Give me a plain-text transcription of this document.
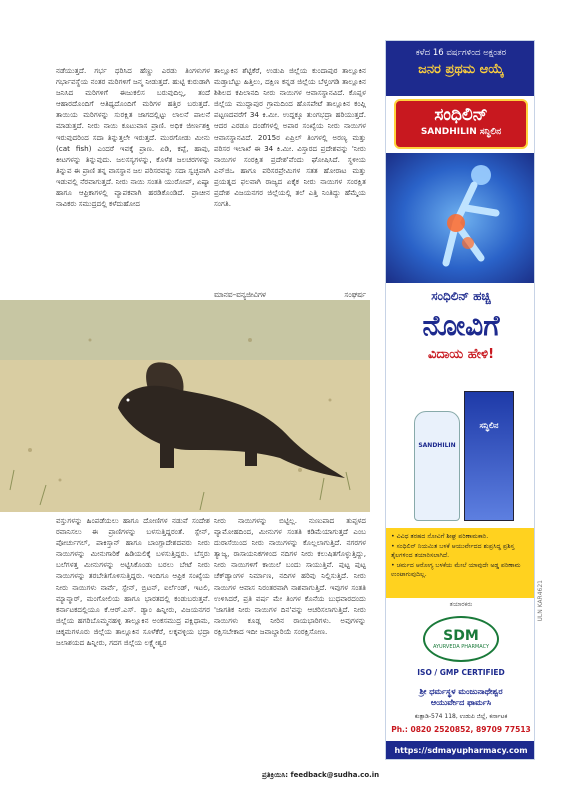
ನಡೆಯುತ್ತದೆ. ಗರ್ಭ ಧರಿಸಿದ ಹೆಣ್ಣು ಎರಡು ತಿಂಗಳುಗಳ ಗರ್ಭಾವಸ್ಥೆಯ ನಂತರ ಮರಿಗಳಿಗೆ ಜನ್ಮ ನೀಡುತ್ತದೆ. ಹುಟ್ಟಿ ಕುರುಡಾಗಿ ಜನಿಸಿದ ಮರಿಗಳಿಗೆ ಈಜುಕಲಿಸ ಬರುವುದಿಲ್ಲ, ತಂದೆ ಆಹಾರದೊಂದಿಗೆ ಆತಿಥ್ಯದೊಂದಿಗೆ ಮರಿಗಳ ಹತ್ತಿರ ಬರುತ್ತದೆ. ತಾಯಿಯ ಮರಿಗಳನ್ನು ಸುರಕ್ಷಿತ ಜಾಗದಲ್ಲಿಟ್ಟು ಲಾಲನೆ ಪಾಲನೆ ಮಾಡುತ್ತದೆ. ನೀರು ನಾಯಿ ಕೂಟುವಾಸ ಪ್ರಾಣಿ. ಅಧಿಕ ಜೀರ್ಣಶಕ್ತಿ ಇರುವುದರಿಂದ ಸದಾ ತಿನ್ನುತ್ತಲೇ ಇರುತ್ತದೆ. ಮುರಗೋಡು ಮೀನು (cat fish) ಎಂದರೆ ಇವಕ್ಕೆ ಪ್ರಾಣ. ಏಡಿ, ಕಪ್ಪೆ, ಹಾವು, ಕೀಟಗಳನ್ನು ತಿನ್ನುವುದು. ಜಲಸಸ್ಯಗಳನ್ನು, ಕೊಳೆತ ಜಲಚರಗಳನ್ನು ತಿನ್ನುವ ಈ ಪ್ರಾಣಿ ತನ್ನ ವಾಸಸ್ಥಾನ ಜಲ ಪರಿಸರವನ್ನು ಸದಾ ಸ್ವಚ್ಛವಾಗಿ ಇಡುವಲ್ಲಿ ನೆರವಾಗುತ್ತದೆ. ನೀರು ನಾಯಿ ಸಂತತಿ ಯುರೋಪ್, ಏಷ್ಯಾ ಹಾಗೂ ಆಫ್ರಿಕಾಗಳಲ್ಲಿ ವ್ಯಾಪಕವಾಗಿ ಹರಡಿಕೊಂಡಿದೆ. ಪ್ರಾಚೀನ ನಾವಿಕರು ಸಮುದ್ರದಲ್ಲಿ ಕಳೆದುಹೋದ
ತಾಲ್ಲೂಕಿನ ಶೆಟ್ಟಿಕೆರೆ, ಉಡುಪಿ ಜಿಲ್ಲೆಯ ಕುಂದಾಪುರ ತಾಲ್ಲೂಕಿನ ಮಡ್ತಾ‌ಬೆಟ್ಟು ಹಿತ್ತಿಲು, ದಕ್ಷಿಣ ಕನ್ನಡ ಜಿಲ್ಲೆಯ ಬೆಳ್ತಂಗಡಿ ತಾಲ್ಲೂಕಿನ ಶಿಶಿಲದ ಕಪಿಲಾನದಿ ನೀರು ನಾಯಿಗಳ ಆವಾಸಸ್ಥಾನವಿದೆ. ಕೊಪ್ಪಳ ಜಿಲ್ಲೆಯ ಮುದ್ದಾಪುರ ಗ್ರಾಮದಿಂದ ಹೊಸಪೇಟೆ ತಾಲ್ಲೂಕಿನ ಕಂಪ್ಲಿ ಪಟ್ಟಣದವರೆಗೆ 34 ಕಿ.ಮೀ. ಉದ್ದಕ್ಕೂ ತುಂಗಭದ್ರಾ ಹರಿಯುತ್ತದೆ. ಆದರ ಎರಡೂ ದಂಡೆಗಳಲ್ಲಿ ಅಪಾರ ಸಂಖ್ಯೆಯ ನೀರು ನಾಯಿಗಳ ಆವಾಸಸ್ಥಾನವಿದೆ. 2015ರ ಏಪ್ರಿಲ್ ತಿಂಗಳಲ್ಲಿ ಅರಣ್ಯ ಮತ್ತು ಪರಿಸರ ಇಲಾಖೆ ಈ 34 ಕಿ.ಮೀ. ವಿಸ್ತಾರದ ಪ್ರದೇಶವನ್ನು 'ನೀರು ನಾಯಿಗಳ ಸಂರಕ್ಷಿತ ಪ್ರದೇಶ'ವೆಂದು ಘೋಷಿಸಿದೆ. ಸ್ಥಳೀಯ ಎನ್‌ಜಿಒ ಹಾಗೂ ಪರಿಸರಪ್ರೇಮಿಗಳ ಸತತ ಹೋರಾಟ ಮತ್ತು ಪ್ರಯತ್ನದ ಫಲವಾಗಿ ರಾಜ್ಯದ ಏಕೈಕ ನೀರು ನಾಯಿಗಳ ಸಂರಕ್ಷಿತ ಪ್ರದೇಶ ವಿಜಯನಗರ ಜಿಲ್ಲೆಯಲ್ಲಿ ತಲೆ ಎತ್ತಿ ನಿಂತಿದ್ದು ಹೆಮ್ಮೆಯ ಸಂಗತಿ.
ಮಾನವ–ವನ್ಯಜೀವಿಗಳ	ಸಂಘರ್ಷ
ವಸ್ತುಗಳನ್ನು ಹಿಂಪಡೆಯಲು ಹಾಗೂ ದೋಣಿಗಳ ನಡುವೆ ಸಂದೇಶ ರವಾನಿಸಲು ಈ ಪ್ರಾಣಿಗಳನ್ನು ಬಳಸುತ್ತಿದ್ದರಂತೆ. ಸ್ಪೇನ್, ಪೋರ್ಚುಗಲ್, ಪಾಕಿಸ್ತಾನ್ ಹಾಗೂ ಬಾಂಗ್ಲಾದೇಶದವರು ನೀರು ನಾಯಿಗಳನ್ನು ಮೀನುಗಾರಿಕೆ ಹಿಡಿಯಲಿಕ್ಕೆ ಬಳಸುತ್ತಿದ್ದರು. ಬೆಸ್ತರು ಬಲೆಗಳತ್ತ ಮೀನುಗಳನ್ನು ಅಟ್ಟಿಸಿಕೊಂಡು ಬರಲು ಬೇಟೆ ನೀರು ನಾಯಿಗಳನ್ನು ತರಬೇತಿಗೊಳಿಸುತ್ತಿದ್ದರು. ಇಂದಿಗೂ ಆಫ್ರಿಕ ಸಂಖ್ಯೆಯ ನೀರು ನಾಯಿಗಳು ನಾರ್ವೆ, ಸ್ಪೇನ್, ಬ್ರಿಟನ್, ಐರ್ಲೆಂಡ್, ಇಟಲಿ, ಮ್ಯಾನ್ಮಾರ್, ಮಂಗೋಲಿಯ ಹಾಗೂ ಭಾರತದಲ್ಲಿ ಕಂಡುಬರುತ್ತವೆ. ಕರ್ನಾಟಕದಲ್ಲಿಯೂ ಕೆ.ಆರ್.ಎಸ್. ಡ್ಯಾಂ ಹಿನ್ನೀರು, ವಿಜಯನಗರ ಜಿಲ್ಲೆಯ ಹಗರಿಬೊಮ್ಮನಹಳ್ಳಿ ತಾಲ್ಲೂಕಿನ ಅಂಕಸಮುದ್ರ ಪಕ್ಷಿಧಾಮ, ಚಿಕ್ಕಮಗಳೂರು ಜಿಲ್ಲೆಯ ತಾಲ್ಲೂಕಿನ ಸೂಳೆಕೆರೆ, ಲಕ್ಕವಳ್ಳಿಯ ಭದ್ರಾ ಜಲಾಶಯದ ಹಿನ್ನೀರು, ಗದಗ ಜಿಲ್ಲೆಯ ಲಕ್ಷ್ಮೇಶ್ವರ
ನೀರು ನಾಯಿಗಳನ್ನು ಬಿಟ್ಟಿಲ್ಲ. ನುಣುಪಾದ ತುಪ್ಪಳದ ವ್ಯಾಮೋಹದಿಂದ, ಮೀನುಗಳ ಸಂತತಿ ಕಡಿಮೆಯಾಗುತ್ತದೆ ಎಂಬ ದುರಾಸೆಯಿಂದ ನೀರು ನಾಯಿಗಳನ್ನು ಕೊಲ್ಲಲಾಗುತ್ತಿದೆ. ನಗರಗಳ ತ್ಯಾಜ್ಯ, ರಾಸಾಯನಿಕಗಳಿಂದ ನದಿಗಳ ನೀರು ಕಲುಷಿತಗೊಳ್ಳುತ್ತಿದ್ದು, ನೀರು ನಾಯಿಗಳಿಗೆ ಕಾಯಿಲೆ ಬಂದು ಸಾಯುತ್ತಿವೆ. ಪುಟ್ಟ ಪುಟ್ಟ ಚೆಕ್‌ಡ್ಯಾಂಗಳ ನಿರ್ಮಾಣ, ನದಿಗಳ ಹರಿವು ನಿಲ್ಲಿಸುತ್ತಿದೆ. ನೀರು ನಾಯಿಗಳ ಆವಾಸ ನಿರಂತರವಾಗಿ ನಾಶವಾಗುತ್ತಿದೆ. ಇವುಗಳ ಸಂತತಿ ಉಳಿಸಿದರೆ, ಪ್ರತಿ ವರ್ಷ ಮೇ ತಿಂಗಳ ಕೊನೆಯ ಬುಧವಾರದಂದು 'ಜಾಗತಿಕ ನೀರು ನಾಯಿಗಳ ದಿನ'ವನ್ನು ಆಚರಿಸಲಾಗುತ್ತಿದೆ. ನೀರು ನಾಯಿಗಳು ಕೂಡ್ಲ ನೀರಿನ ರಾಯಭಾರಿಗಳು. ಅವುಗಳನ್ನು ರಕ್ಷಿಸಬೇಕಾದ ಇದೀ ಜವಾಬ್ದಾರಿಯೆ ಸಂರಕ್ಷಿಸೋಣ.
ಪ್ರತಿಕ್ರಿಯಿಸಿ: feedback@sudha.co.in
ಕಳೆದ 16 ವರ್ಷಗಳಿಂದ ಅಕ್ಷಂತರ
ಜನರ ಪ್ರಥಮ ಆಯ್ಕೆ
ಸಂಧಿಲಿನ್
SANDHILIN ಸನ್ಧಿಲಿನ
ಸಂಧಿಲಿನ್ ಹಚ್ಚಿ
ನೋವಿಗೆ
ವಿದಾಯ ಹೇಳಿ!
ಸನ್ಧಿಲಿನ
SANDHILIN
• ವಿವಿಧ ತರಹದ ನೋವಿಗೆ ಶೀಘ್ರ ಪರಿಣಾಮಕಾರಿ.
• ಸಂಧಿಲಿನ್ ನಿಯಮಿತ ಬಳಕೆ ಆಯುರ್ವೇದದ ಶುಪ್ರಸಿದ್ಧ ಪ್ರಶಿಸ್ತ ತೈಲಗಳಿಂದ ತಯಾರಿಸಲಾಗಿದೆ.
• ಚರ್ಮದ ಆರೋಗ್ಯ ಬಳಕೆಯ ಮೇಲೆ ಯಾವುದೇ ಅಡ್ಡ ಪರಿಣಾಮ ಉಂಟಾಗುವುದಿಲ್ಲ.
ತಯಾರಕರು
SDM
AYURVEDA PHARMACY
ISO / GMP CERTIFIED
ಶ್ರೀ ಧರ್ಮಸ್ಥಳ ಮಂಜುನಾಥೇಶ್ವರ
ಆಯುರ್ವೇದ ಫಾರ್ಮಸಿ
ಕುತ್ಪಾಡಿ-574 118, ಉಡುಪಿ ಜಿಲ್ಲೆ, ಕರ್ನಾಟಕ
Ph.: 0820 2520852, 89709 77513
https://sdmayupharmacy.com
ULN KAR4621
